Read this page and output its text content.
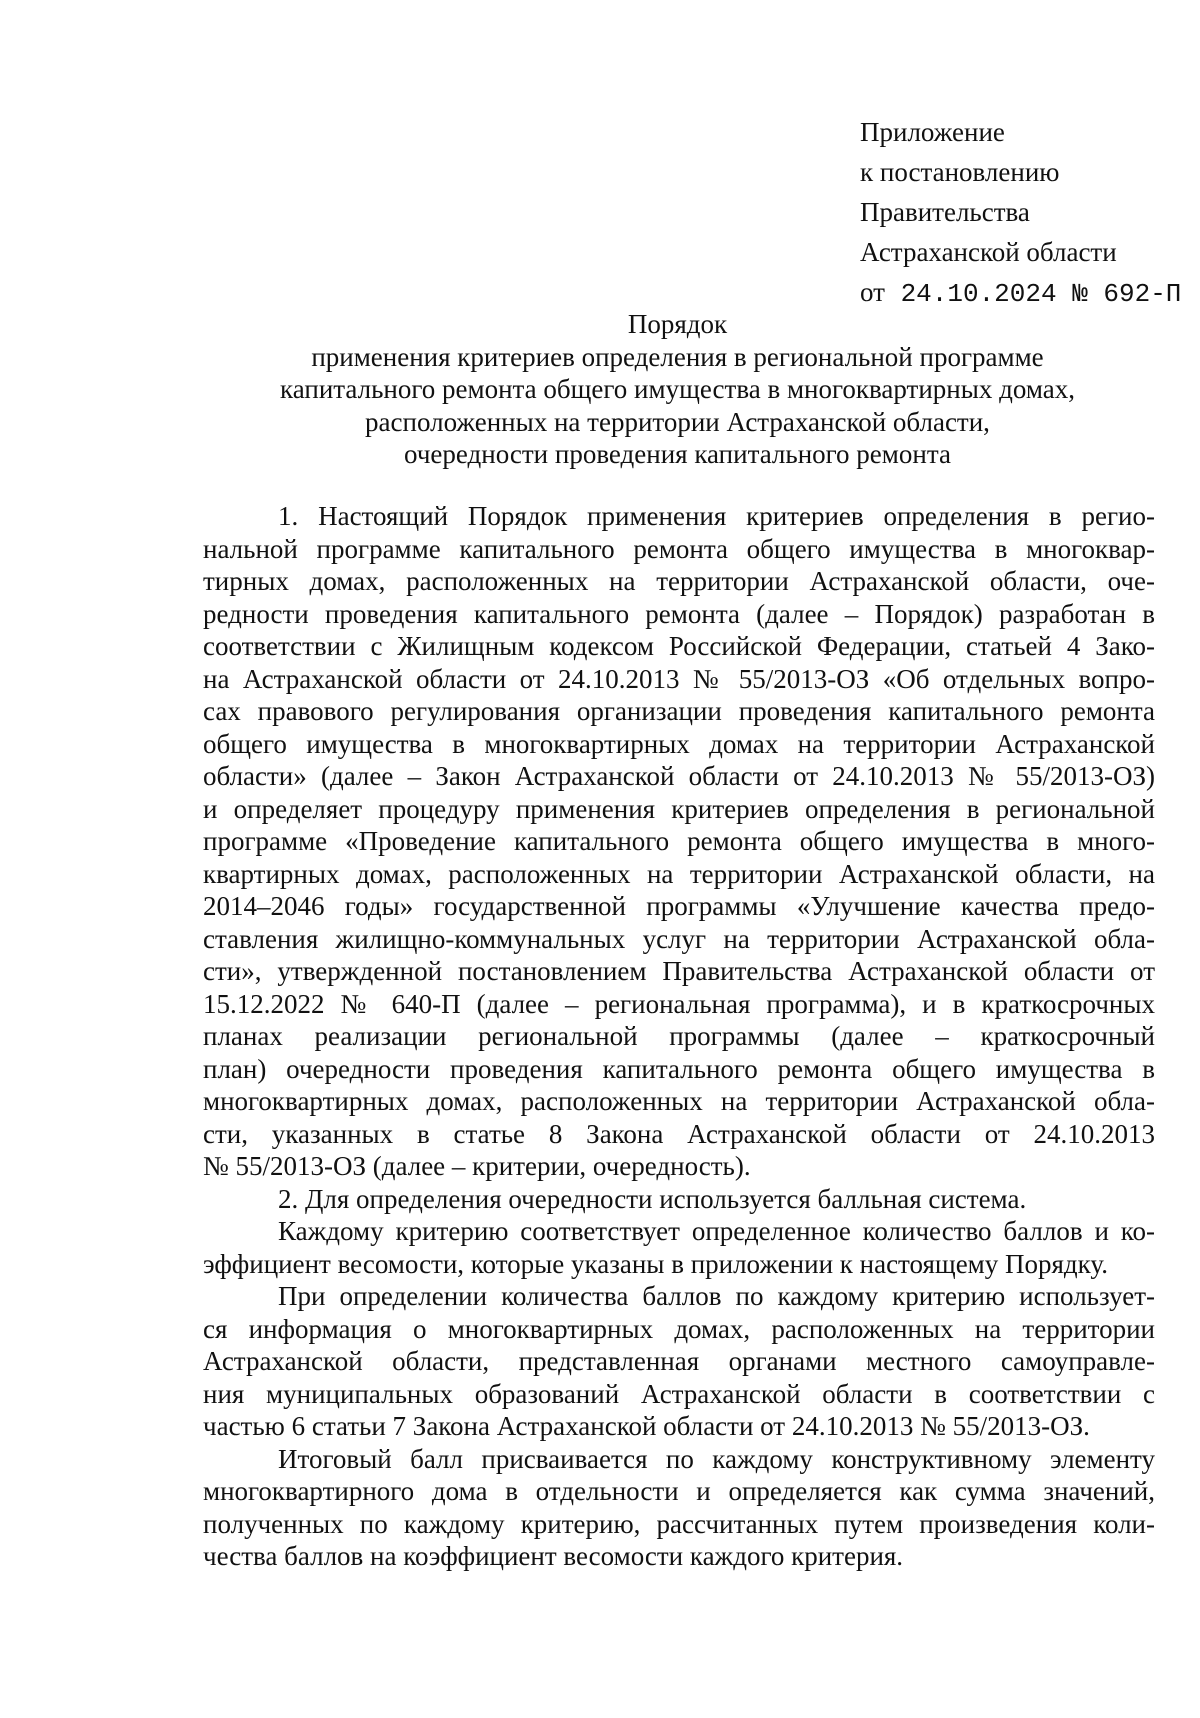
Приложение
к постановлению
Правительства
Астраханской области
от 24.10.2024 № 692-П
Порядок
применения критериев определения в региональной программе
капитального ремонта общего имущества в многоквартирных домах,
расположенных на территории Астраханской области,
очередности проведения капитального ремонта
1. Настоящий Порядок применения критериев определения в регио-
нальной программе капитального ремонта общего имущества в многоквар-
тирных домах, расположенных на территории Астраханской области, оче-
редности проведения капитального ремонта (далее – Порядок) разработан в
соответствии с Жилищным кодексом Российской Федерации, статьей 4 Зако-
на Астраханской области от 24.10.2013 № 55/2013-ОЗ «Об отдельных вопро-
сах правового регулирования организации проведения капитального ремонта
общего имущества в многоквартирных домах на территории Астраханской
области» (далее – Закон Астраханской области от 24.10.2013 № 55/2013-ОЗ)
и определяет процедуру применения критериев определения в региональной
программе «Проведение капитального ремонта общего имущества в много-
квартирных домах, расположенных на территории Астраханской области, на
2014–2046 годы» государственной программы «Улучшение качества предо-
ставления жилищно-коммунальных услуг на территории Астраханской обла-
сти», утвержденной постановлением Правительства Астраханской области от
15.12.2022 № 640-П (далее – региональная программа), и в краткосрочных
планах реализации региональной программы (далее – краткосрочный
план) очередности проведения капитального ремонта общего имущества в
многоквартирных домах, расположенных на территории Астраханской обла-
сти, указанных в статье 8 Закона Астраханской области от 24.10.2013
№ 55/2013-ОЗ (далее – критерии, очередность).
2. Для определения очередности используется балльная система.
Каждому критерию соответствует определенное количество баллов и ко-
эффициент весомости, которые указаны в приложении к настоящему Порядку.
При определении количества баллов по каждому критерию использует-
ся информация о многоквартирных домах, расположенных на территории
Астраханской области, представленная органами местного самоуправле-
ния муниципальных образований Астраханской области в соответствии с
частью 6 статьи 7 Закона Астраханской области от 24.10.2013 № 55/2013-ОЗ.
Итоговый балл присваивается по каждому конструктивному элементу
многоквартирного дома в отдельности и определяется как сумма значений,
полученных по каждому критерию, рассчитанных путем произведения коли-
чества баллов на коэффициент весомости каждого критерия.
